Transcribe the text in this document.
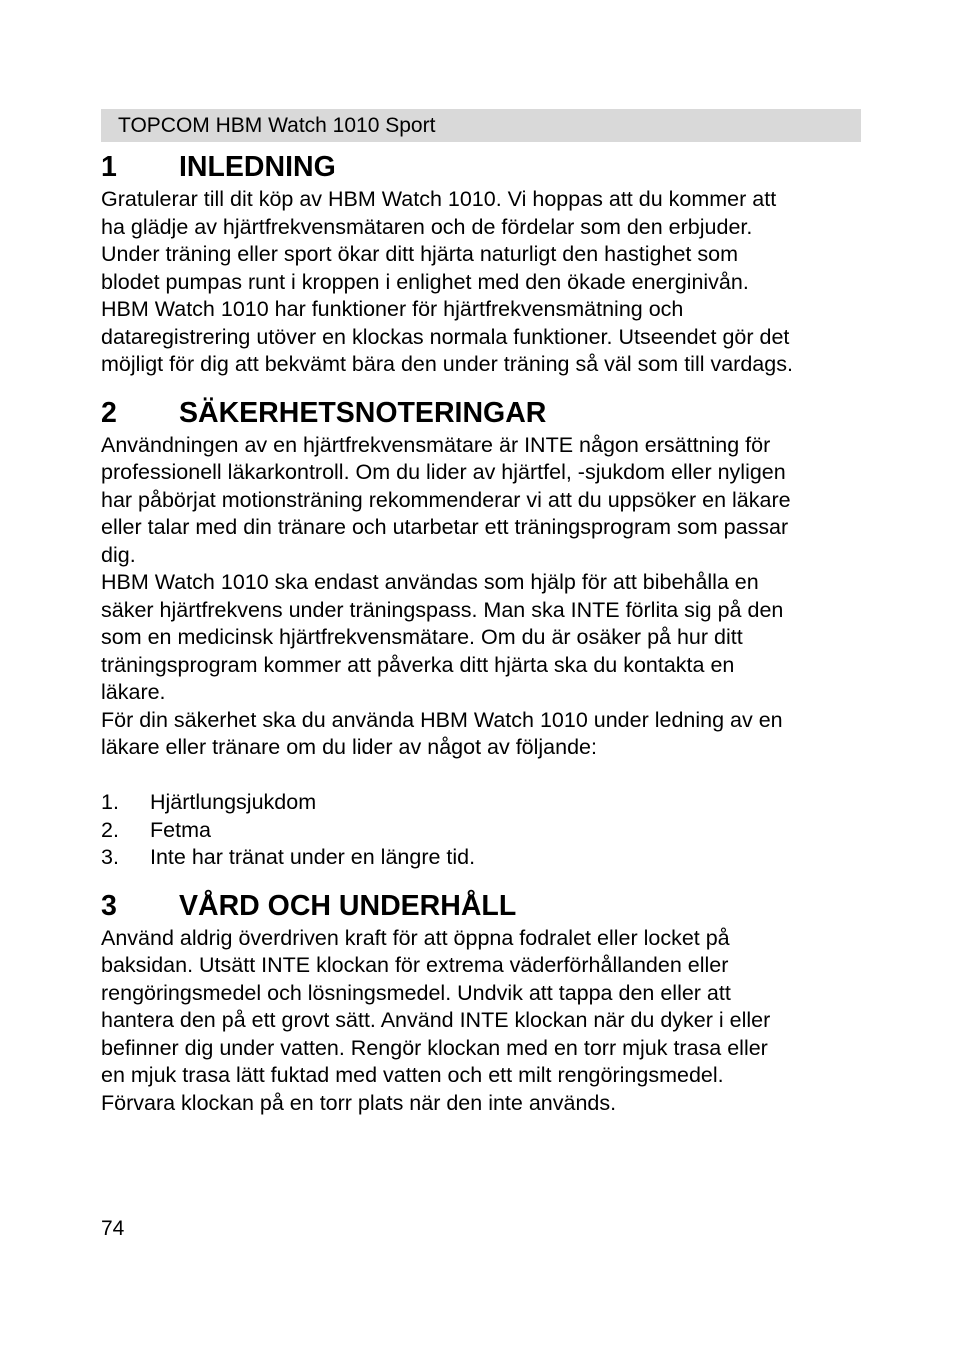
TOPCOM HBM Watch 1010 Sport
1	INLEDNING
Gratulerar till dit köp av HBM Watch 1010. Vi hoppas att du kommer att
ha glädje av hjärtfrekvensmätaren och de fördelar som den erbjuder.
Under träning eller sport ökar ditt hjärta naturligt den hastighet som
blodet pumpas runt i kroppen i enlighet med den ökade energinivån.
HBM Watch 1010 har funktioner för hjärtfrekvensmätning och
dataregistrering utöver en klockas normala funktioner. Utseendet gör det
möjligt för dig att bekvämt bära den under träning så väl som till vardags.
2	SÄKERHETSNOTERINGAR
Användningen av en hjärtfrekvensmätare är INTE någon ersättning för
professionell läkarkontroll. Om du lider av hjärtfel, -sjukdom eller nyligen
har påbörjat motionsträning rekommenderar vi att du uppsöker en läkare
eller talar med din tränare och utarbetar ett träningsprogram som passar
dig.
HBM Watch 1010 ska endast användas som hjälp för att bibehålla en
säker hjärtfrekvens under träningspass. Man ska INTE förlita sig på den
som en medicinsk hjärtfrekvensmätare. Om du är osäker på hur ditt
träningsprogram kommer att påverka ditt hjärta ska du kontakta en
läkare.
För din säkerhet ska du använda HBM Watch 1010 under ledning av en
läkare eller tränare om du lider av något av följande:
1.	Hjärtlungsjukdom
2.	Fetma
3.	Inte har tränat under en längre tid.
3	VÅRD OCH UNDERHÅLL
Använd aldrig överdriven kraft för att öppna fodralet eller locket på
baksidan. Utsätt INTE klockan för extrema väderförhållanden eller
rengöringsmedel och lösningsmedel. Undvik att tappa den eller att
hantera den på ett grovt sätt. Använd INTE klockan när du dyker i eller
befinner dig under vatten. Rengör klockan med en torr mjuk trasa eller
en mjuk trasa lätt fuktad med vatten och ett milt rengöringsmedel.
Förvara klockan på en torr plats när den inte används.
74
